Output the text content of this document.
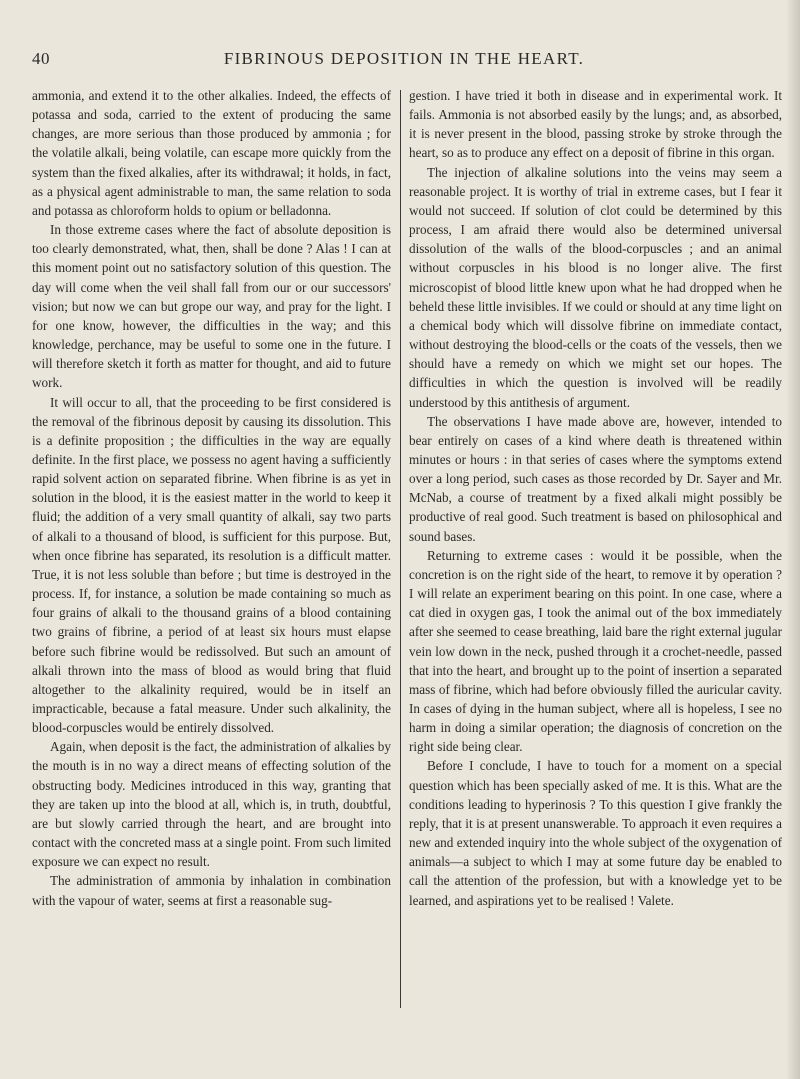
40	FIBRINOUS DEPOSITION IN THE HEART.

ammonia, and extend it to the other alkalies. Indeed, the effects of potassa and soda, carried to the extent of producing the same changes, are more serious than those produced by ammonia ; for the volatile alkali, being volatile, can escape more quickly from the system than the fixed alkalies, after its withdrawal; it holds, in fact, as a physical agent administrable to man, the same relation to soda and potassa as chloroform holds to opium or belladonna.

In those extreme cases where the fact of absolute deposition is too clearly demonstrated, what, then, shall be done ? Alas ! I can at this moment point out no satisfactory solution of this question. The day will come when the veil shall fall from our or our successors' vision; but now we can but grope our way, and pray for the light. I for one know, however, the difficulties in the way; and this knowledge, perchance, may be useful to some one in the future. I will therefore sketch it forth as matter for thought, and aid to future work.

It will occur to all, that the proceeding to be first considered is the removal of the fibrinous deposit by causing its dissolution. This is a definite proposition ; the difficulties in the way are equally definite. In the first place, we possess no agent having a sufficiently rapid solvent action on separated fibrine. When fibrine is as yet in solution in the blood, it is the easiest matter in the world to keep it fluid; the addition of a very small quantity of alkali, say two parts of alkali to a thousand of blood, is sufficient for this purpose. But, when once fibrine has separated, its resolution is a difficult matter. True, it is not less soluble than before ; but time is destroyed in the process. If, for instance, a solution be made containing so much as four grains of alkali to the thousand grains of a blood containing two grains of fibrine, a period of at least six hours must elapse before such fibrine would be redissolved. But such an amount of alkali thrown into the mass of blood as would bring that fluid altogether to the alkalinity required, would be in itself an impracticable, because a fatal measure. Under such alkalinity, the blood-corpuscles would be entirely dissolved.

Again, when deposit is the fact, the administration of alkalies by the mouth is in no way a direct means of effecting solution of the obstructing body. Medicines introduced in this way, granting that they are taken up into the blood at all, which is, in truth, doubtful, are but slowly carried through the heart, and are brought into contact with the concreted mass at a single point. From such limited exposure we can expect no result.

The administration of ammonia by inhalation in combination with the vapour of water, seems at first a reasonable sug-

gestion. I have tried it both in disease and in experimental work. It fails. Ammonia is not absorbed easily by the lungs; and, as absorbed, it is never present in the blood, passing stroke by stroke through the heart, so as to produce any effect on a deposit of fibrine in this organ.

The injection of alkaline solutions into the veins may seem a reasonable project. It is worthy of trial in extreme cases, but I fear it would not succeed. If solution of clot could be determined by this process, I am afraid there would also be determined universal dissolution of the walls of the blood-corpuscles ; and an animal without corpuscles in his blood is no longer alive. The first microscopist of blood little knew upon what he had dropped when he beheld these little invisibles. If we could or should at any time light on a chemical body which will dissolve fibrine on immediate contact, without destroying the blood-cells or the coats of the vessels, then we should have a remedy on which we might set our hopes. The difficulties in which the question is involved will be readily understood by this antithesis of argument.

The observations I have made above are, however, intended to bear entirely on cases of a kind where death is threatened within minutes or hours : in that series of cases where the symptoms extend over a long period, such cases as those recorded by Dr. Sayer and Mr. McNab, a course of treatment by a fixed alkali might possibly be productive of real good. Such treatment is based on philosophical and sound bases.

Returning to extreme cases : would it be possible, when the concretion is on the right side of the heart, to remove it by operation ? I will relate an experiment bearing on this point. In one case, where a cat died in oxygen gas, I took the animal out of the box immediately after she seemed to cease breathing, laid bare the right external jugular vein low down in the neck, pushed through it a crochet-needle, passed that into the heart, and brought up to the point of insertion a separated mass of fibrine, which had before obviously filled the auricular cavity. In cases of dying in the human subject, where all is hopeless, I see no harm in doing a similar operation; the diagnosis of concretion on the right side being clear.

Before I conclude, I have to touch for a moment on a special question which has been specially asked of me. It is this. What are the conditions leading to hyperinosis ? To this question I give frankly the reply, that it is at present unanswerable. To approach it even requires a new and extended inquiry into the whole subject of the oxygenation of animals—a subject to which I may at some future day be enabled to call the attention of the profession, but with a knowledge yet to be learned, and aspirations yet to be realised ! Valete.
